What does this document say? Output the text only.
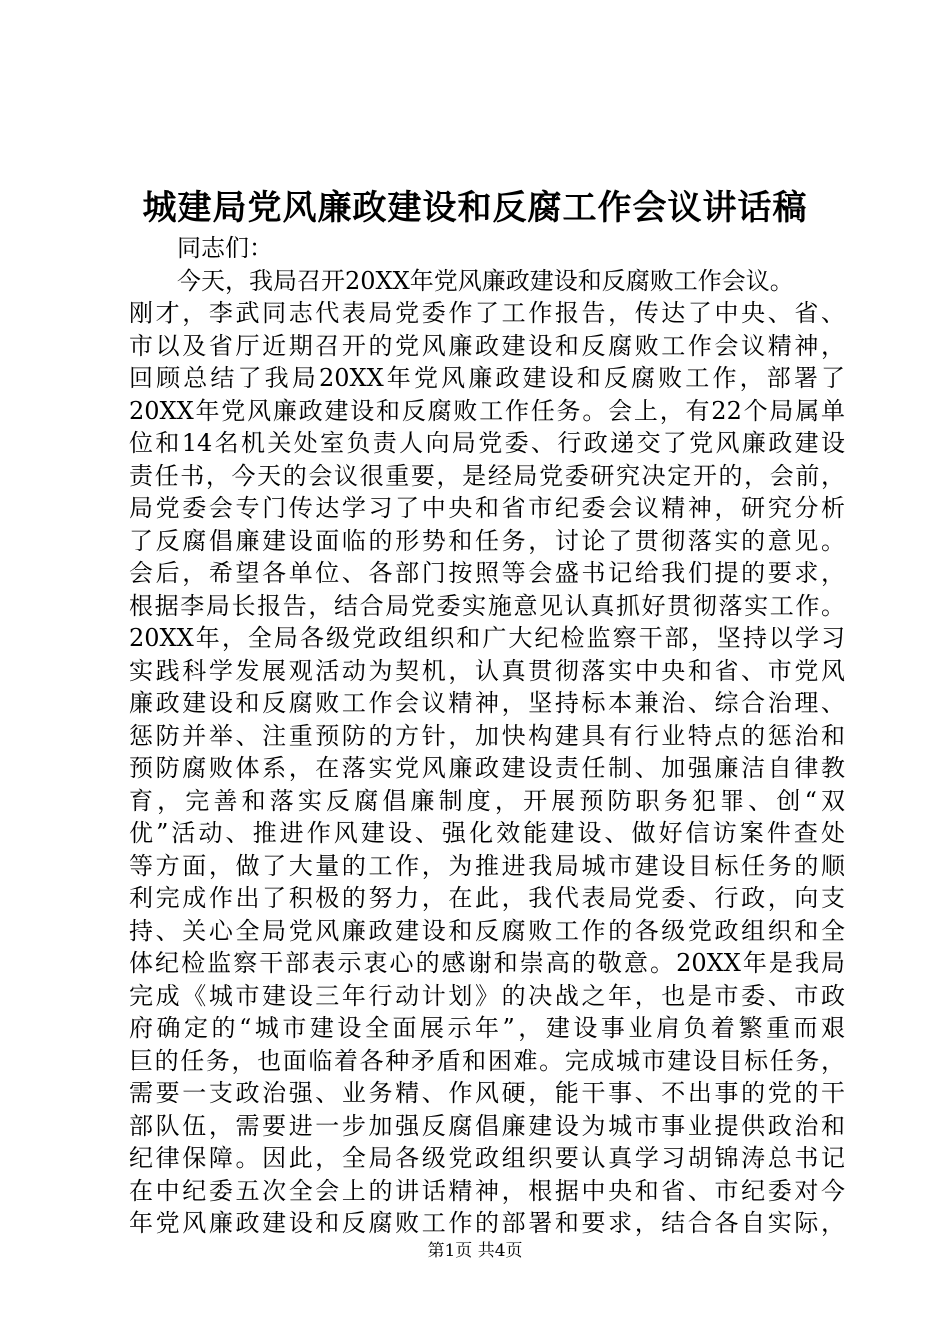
城建局党风廉政建设和反腐工作会议讲话稿
同志们：
今天，我局召开20XX年党风廉政建设和反腐败工作会议。
刚才，李武同志代表局党委作了工作报告，传达了中央、省、
市以及省厅近期召开的党风廉政建设和反腐败工作会议精神，
回顾总结了我局20XX年党风廉政建设和反腐败工作，部署了
20XX年党风廉政建设和反腐败工作任务。会上，有22个局属单
位和14名机关处室负责人向局党委、行政递交了党风廉政建设
责任书，今天的会议很重要，是经局党委研究决定开的，会前，
局党委会专门传达学习了中央和省市纪委会议精神，研究分析
了反腐倡廉建设面临的形势和任务，讨论了贯彻落实的意见。
会后，希望各单位、各部门按照等会盛书记给我们提的要求，
根据李局长报告，结合局党委实施意见认真抓好贯彻落实工作。
20XX年，全局各级党政组织和广大纪检监察干部，坚持以学习
实践科学发展观活动为契机，认真贯彻落实中央和省、市党风
廉政建设和反腐败工作会议精神，坚持标本兼治、综合治理、
惩防并举、注重预防的方针，加快构建具有行业特点的惩治和
预防腐败体系，在落实党风廉政建设责任制、加强廉洁自律教
育，完善和落实反腐倡廉制度，开展预防职务犯罪、创“双
优”活动、推进作风建设、强化效能建设、做好信访案件查处
等方面，做了大量的工作，为推进我局城市建设目标任务的顺
利完成作出了积极的努力，在此，我代表局党委、行政，向支
持、关心全局党风廉政建设和反腐败工作的各级党政组织和全
体纪检监察干部表示衷心的感谢和崇高的敬意。20XX年是我局
完成《城市建设三年行动计划》的决战之年，也是市委、市政
府确定的“城市建设全面展示年”，建设事业肩负着繁重而艰
巨的任务，也面临着各种矛盾和困难。完成城市建设目标任务，
需要一支政治强、业务精、作风硬，能干事、不出事的党的干
部队伍，需要进一步加强反腐倡廉建设为城市事业提供政治和
纪律保障。因此，全局各级党政组织要认真学习胡锦涛总书记
在中纪委五次全会上的讲话精神，根据中央和省、市纪委对今
年党风廉政建设和反腐败工作的部署和要求，结合各自实际，
第1页 共4页
